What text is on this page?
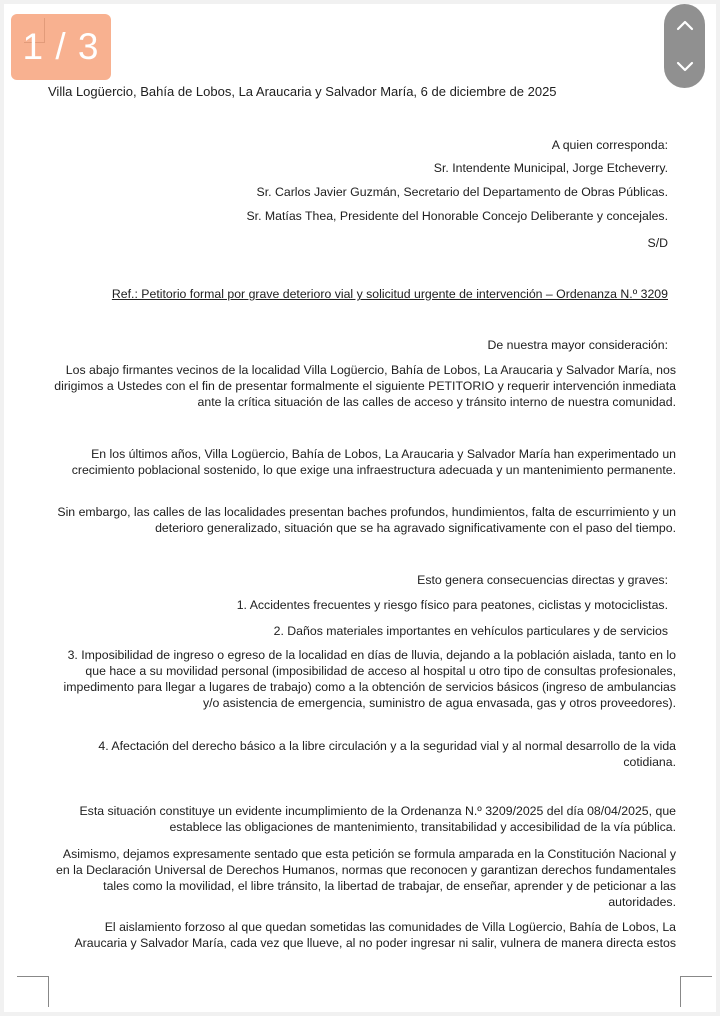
Villa Logüercio, Bahía de Lobos, La Araucaria y Salvador María, 6 de diciembre de 2025
A quien corresponda:
Sr. Intendente Municipal, Jorge Etcheverry.
Sr. Carlos Javier Guzmán, Secretario del Departamento de Obras Públicas.
Sr. Matías Thea, Presidente del Honorable Concejo Deliberante y concejales.
S/D
Ref.: Petitorio formal por grave deterioro vial y solicitud urgente de intervención – Ordenanza N.º 3209
De nuestra mayor consideración:
Los abajo firmantes vecinos de la localidad Villa Logüercio, Bahía de Lobos, La Araucaria y Salvador María, nos dirigimos a Ustedes con el fin de presentar formalmente el siguiente PETITORIO y requerir intervención inmediata ante la crítica situación de las calles de acceso y tránsito interno de nuestra comunidad.
En los últimos años, Villa Logüercio, Bahía de Lobos, La Araucaria y Salvador María han experimentado un crecimiento poblacional sostenido, lo que exige una infraestructura adecuada y un mantenimiento permanente.
Sin embargo, las calles de las localidades presentan baches profundos, hundimientos, falta de escurrimiento y un deterioro generalizado, situación que se ha agravado significativamente con el paso del tiempo.
Esto genera consecuencias directas y graves:
1. Accidentes frecuentes y riesgo físico para peatones, ciclistas y motociclistas.
2. Daños materiales importantes en vehículos particulares y de servicios
3. Imposibilidad de ingreso o egreso de la localidad en días de lluvia, dejando a la población aislada, tanto en lo que hace a su movilidad personal (imposibilidad de acceso al hospital u otro tipo de consultas profesionales, impedimento para llegar a lugares de trabajo) como a la obtención de servicios básicos (ingreso de ambulancias y/o asistencia de emergencia, suministro de agua envasada, gas y otros proveedores).
4. Afectación del derecho básico a la libre circulación y a la seguridad vial y al normal desarrollo de la vida cotidiana.
Esta situación constituye un evidente incumplimiento de la Ordenanza N.º 3209/2025 del día 08/04/2025, que establece las obligaciones de mantenimiento, transitabilidad y accesibilidad de la vía pública.
Asimismo, dejamos expresamente sentado que esta petición se formula amparada en la Constitución Nacional y en la Declaración Universal de Derechos Humanos, normas que reconocen y garantizan derechos fundamentales tales como la movilidad, el libre tránsito, la libertad de trabajar, de enseñar, aprender y de peticionar a las autoridades.
El aislamiento forzoso al que quedan sometidas las comunidades de Villa Logüercio, Bahía de Lobos, La Araucaria y Salvador María, cada vez que llueve, al no poder ingresar ni salir, vulnera de manera directa estos
1 / 3
